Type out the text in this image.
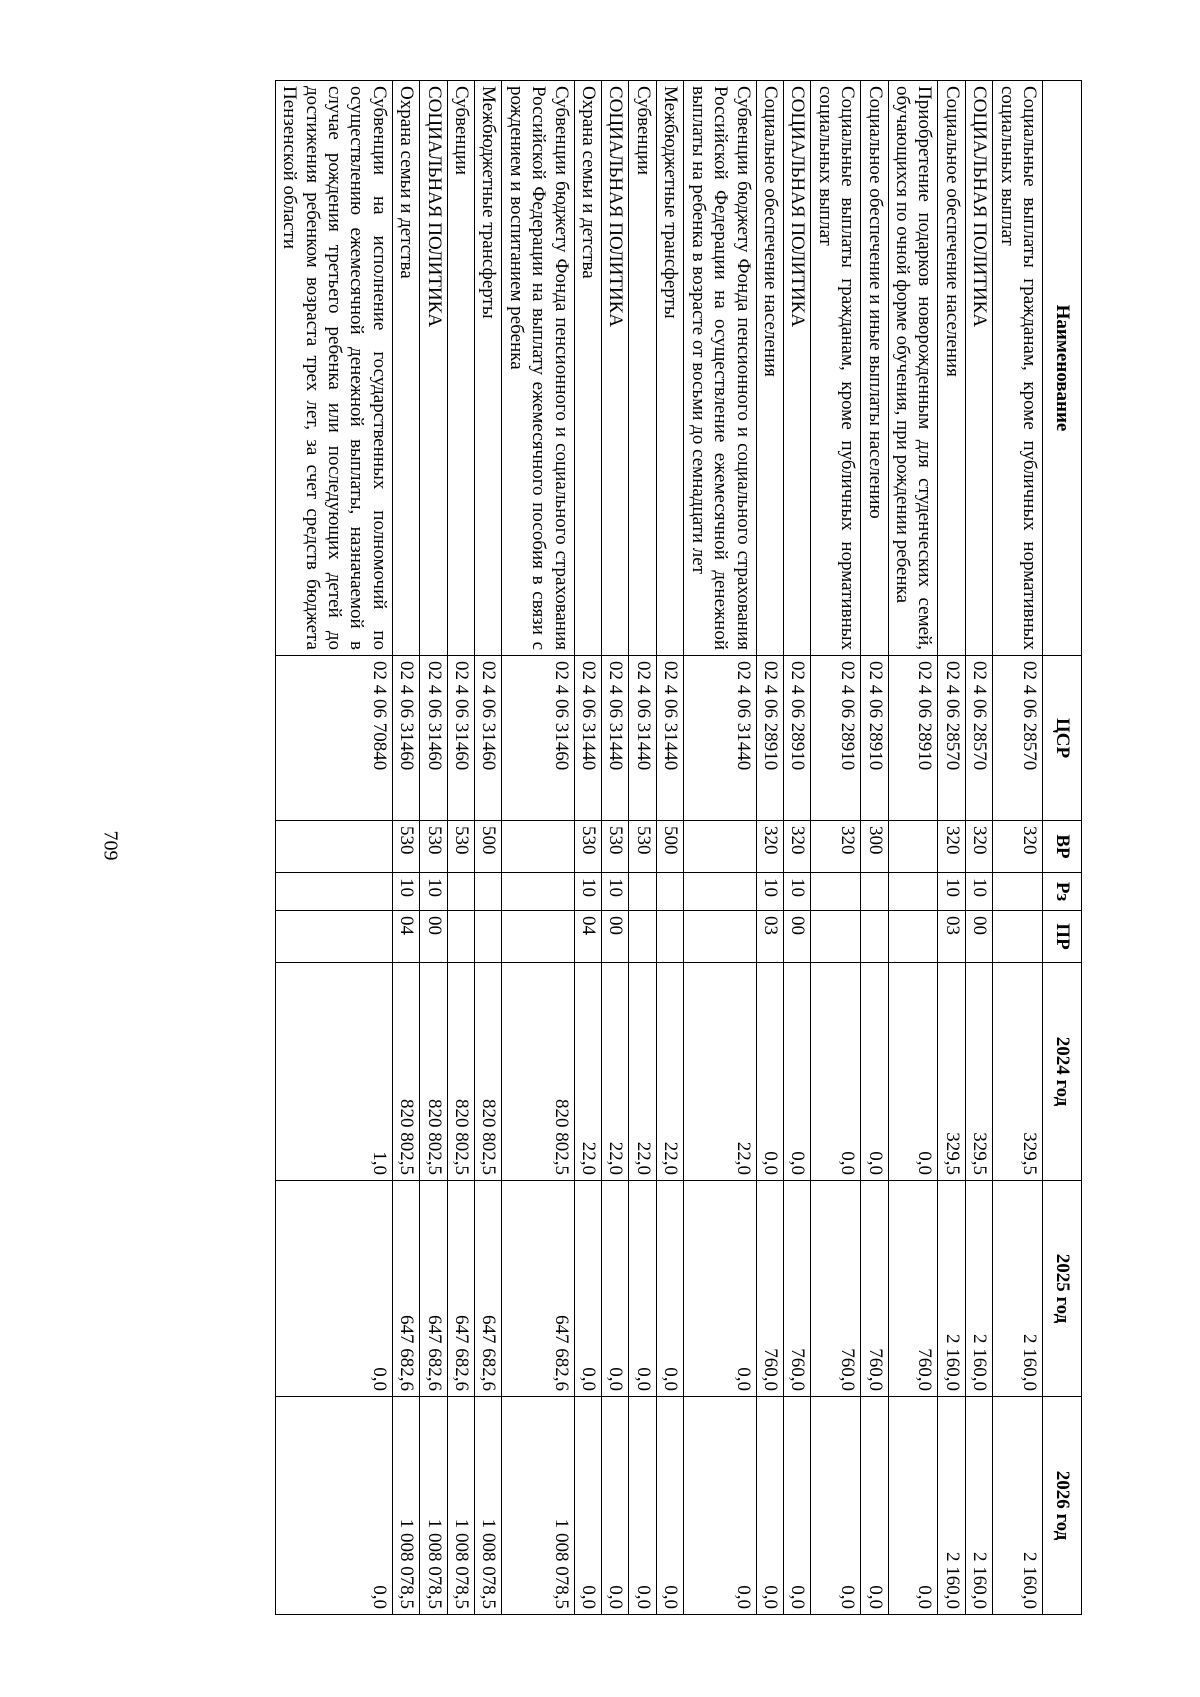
709
Наименование	ЦСР	ВР	Рз	ПР	2024 год	2025 год	2026 год
Социальные выплаты гражданам, кроме публичных нормативных социальных выплат	02 4 06 28570	320			329,5	2 160,0	2 160,0
СОЦИАЛЬНАЯ ПОЛИТИКА	02 4 06 28570	320	10	00	329,5	2 160,0	2 160,0
Социальное обеспечение населения	02 4 06 28570	320	10	03	329,5	2 160,0	2 160,0
Приобретение подарков новорожденным для студенческих семей, обучающихся по очной форме обучения, при рождении ребенка	02 4 06 28910				0,0	760,0	0,0
Социальное обеспечение и иные выплаты населению	02 4 06 28910	300			0,0	760,0	0,0
Социальные выплаты гражданам, кроме публичных нормативных социальных выплат	02 4 06 28910	320			0,0	760,0	0,0
СОЦИАЛЬНАЯ ПОЛИТИКА	02 4 06 28910	320	10	00	0,0	760,0	0,0
Социальное обеспечение населения	02 4 06 28910	320	10	03	0,0	760,0	0,0
Субвенции бюджету Фонда пенсионного и социального страхования Российской Федерации на осуществление ежемесячной денежной выплаты на ребенка в возрасте от восьми до семнадцати лет	02 4 06 31440				22,0	0,0	0,0
Межбюджетные трансферты	02 4 06 31440	500			22,0	0,0	0,0
Субвенции	02 4 06 31440	530			22,0	0,0	0,0
СОЦИАЛЬНАЯ ПОЛИТИКА	02 4 06 31440	530	10	00	22,0	0,0	0,0
Охрана семьи и детства	02 4 06 31440	530	10	04	22,0	0,0	0,0
Субвенции бюджету Фонда пенсионного и социального страхования Российской Федерации на выплату ежемесячного пособия в связи с рождением и воспитанием ребенка	02 4 06 31460				820 802,5	647 682,6	1 008 078,5
Межбюджетные трансферты	02 4 06 31460	500			820 802,5	647 682,6	1 008 078,5
Субвенции	02 4 06 31460	530			820 802,5	647 682,6	1 008 078,5
СОЦИАЛЬНАЯ ПОЛИТИКА	02 4 06 31460	530	10	00	820 802,5	647 682,6	1 008 078,5
Охрана семьи и детства	02 4 06 31460	530	10	04	820 802,5	647 682,6	1 008 078,5
Субвенции на исполнение государственных полномочий по осуществлению ежемесячной денежной выплаты, назначаемой в случае рождения третьего ребенка или последующих детей до достижения ребенком возраста трех лет, за счет средств бюджета Пензенской области	02 4 06 70840				1,0	0,0	0,0
